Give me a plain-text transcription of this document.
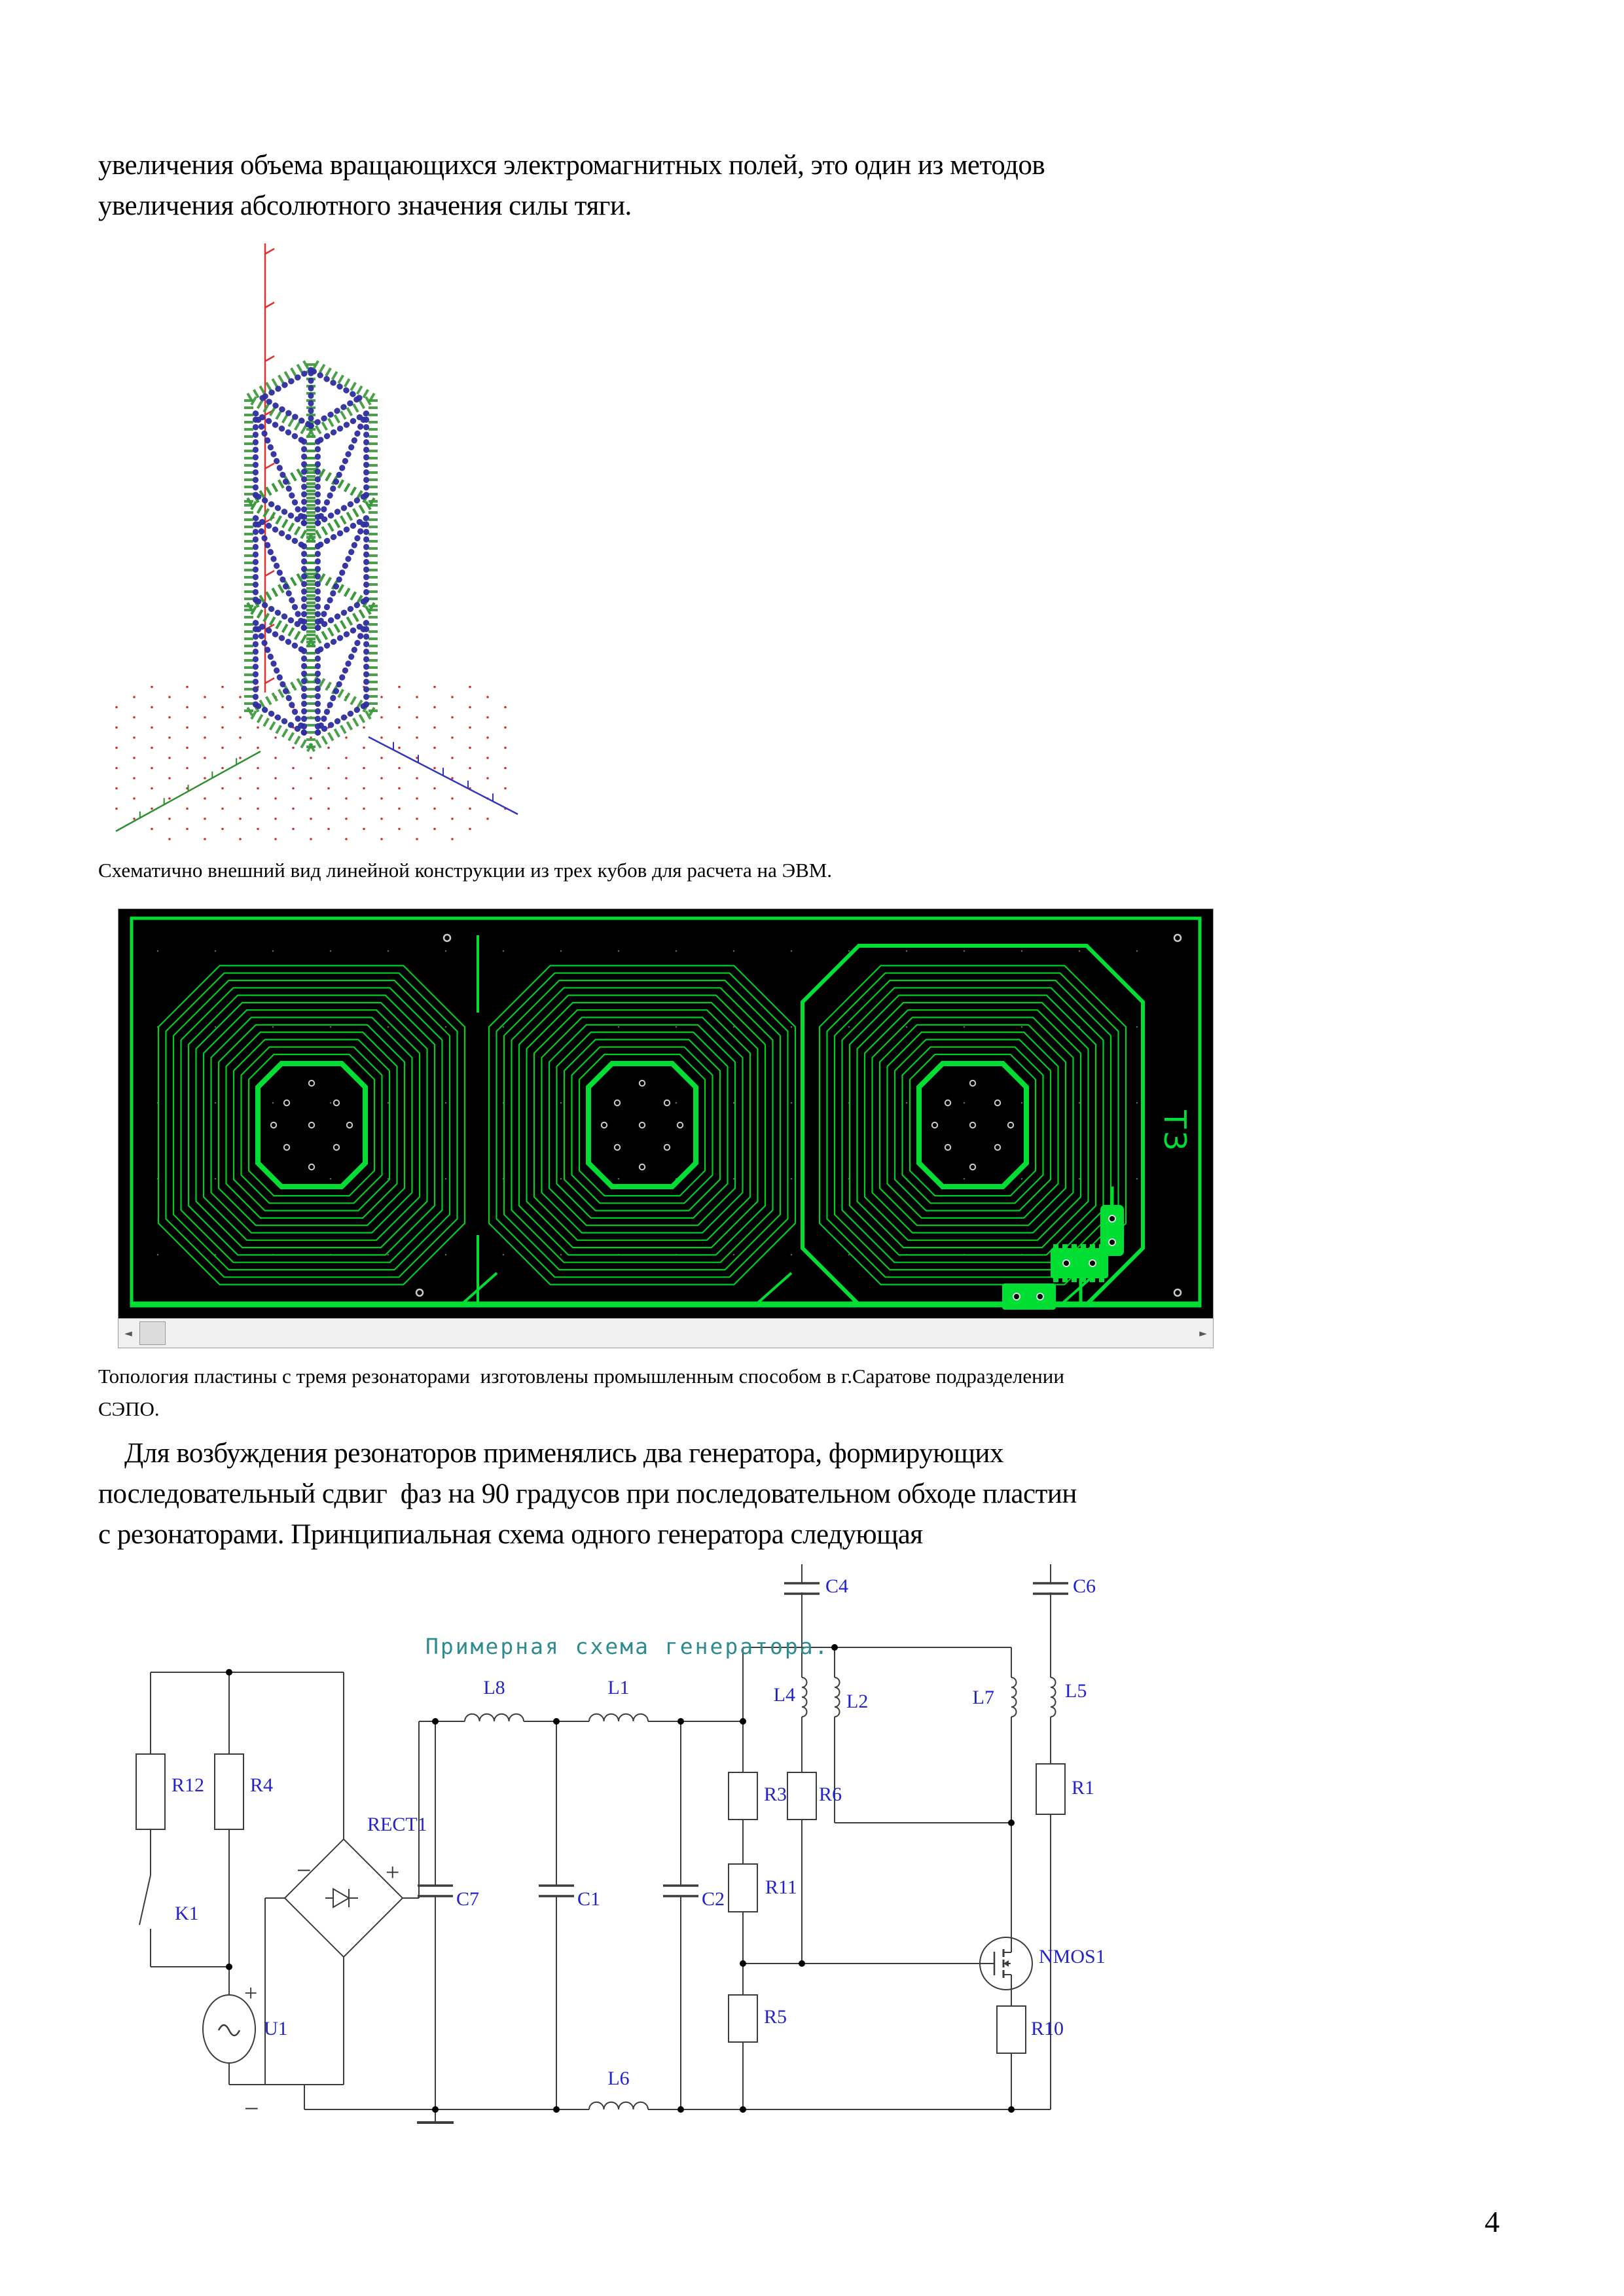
увеличения объема вращающихся электромагнитных полей, это один из методов
увеличения абсолютного значения силы тяги.
Схематично внешний вид линейной конструкции из трех кубов для расчета на ЭВМ.
ТЗ
◄	►
Топология пластины с тремя резонаторами  изготовлены промышленным способом в г.Саратове подразделении
СЭПО.
Для возбуждения резонаторов применялись два генератора, формирующих
последовательный сдвиг  фаз на 90 градусов при последовательном обходе пластин
с резонаторами. Принципиальная схема одного генератора следующая
R12 R4
K1
U1
RECT1
C7
L8	L1
C1	C2
R3
R11
R6
L4	L2
C4	C6
L7	L5
R1
NMOS1
R10
R5
L6
+
−
+
−
Примерная схема генератора.
4
